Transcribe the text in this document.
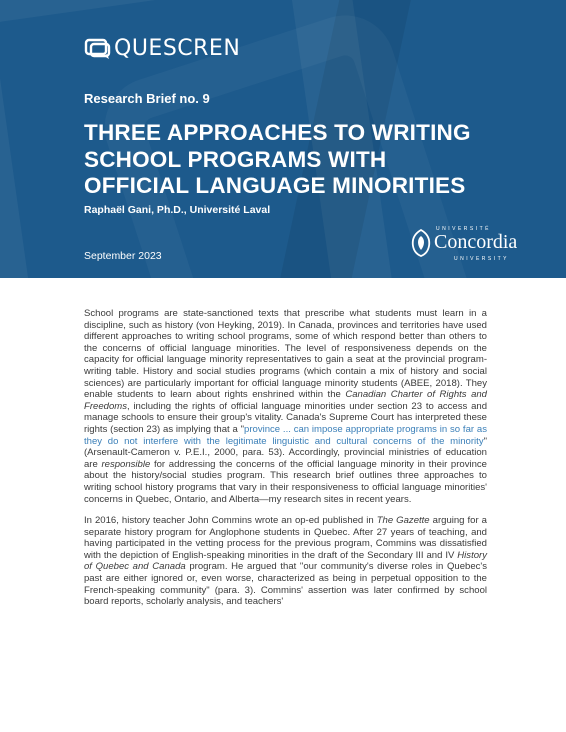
QUESCREN
Research Brief no. 9
THREE APPROACHES TO WRITING
SCHOOL PROGRAMS WITH
OFFICIAL LANGUAGE MINORITIES
Raphaël Gani, Ph.D., Université Laval
September 2023
UNIVERSITÉ
Concordia
UNIVERSITY

School programs are state-sanctioned texts that prescribe what students must learn in a discipline, such as history (von Heyking, 2019). In Canada, provinces and territories have used different approaches to writing school programs, some of which respond better than others to the concerns of official language minorities. The level of responsiveness depends on the capacity for official language minority representatives to gain a seat at the provincial program-writing table. History and social studies programs (which contain a mix of history and social sciences) are particularly important for official language minority students (ABEE, 2018). They enable students to learn about rights enshrined within the Canadian Charter of Rights and Freedoms, including the rights of official language minorities under section 23 to access and manage schools to ensure their group's vitality. Canada's Supreme Court has interpreted these rights (section 23) as implying that a "province ... can impose appropriate programs in so far as they do not interfere with the legitimate linguistic and cultural concerns of the minority" (Arsenault-Cameron v. P.E.I., 2000, para. 53). Accordingly, provincial ministries of education are responsible for addressing the concerns of the official language minority in their province about the history/social studies program. This research brief outlines three approaches to writing school history programs that vary in their responsiveness to official language minorities' concerns in Quebec, Ontario, and Alberta—my research sites in recent years.

In 2016, history teacher John Commins wrote an op-ed published in The Gazette arguing for a separate history program for Anglophone students in Quebec. After 27 years of teaching, and having participated in the vetting process for the previous program, Commins was dissatisfied with the depiction of English-speaking minorities in the draft of the Secondary III and IV History of Quebec and Canada program. He argued that "our community's diverse roles in Quebec's past are either ignored or, even worse, characterized as being in perpetual opposition to the French-speaking community" (para. 3). Commins' assertion was later confirmed by school board reports, scholarly analysis, and teachers'
